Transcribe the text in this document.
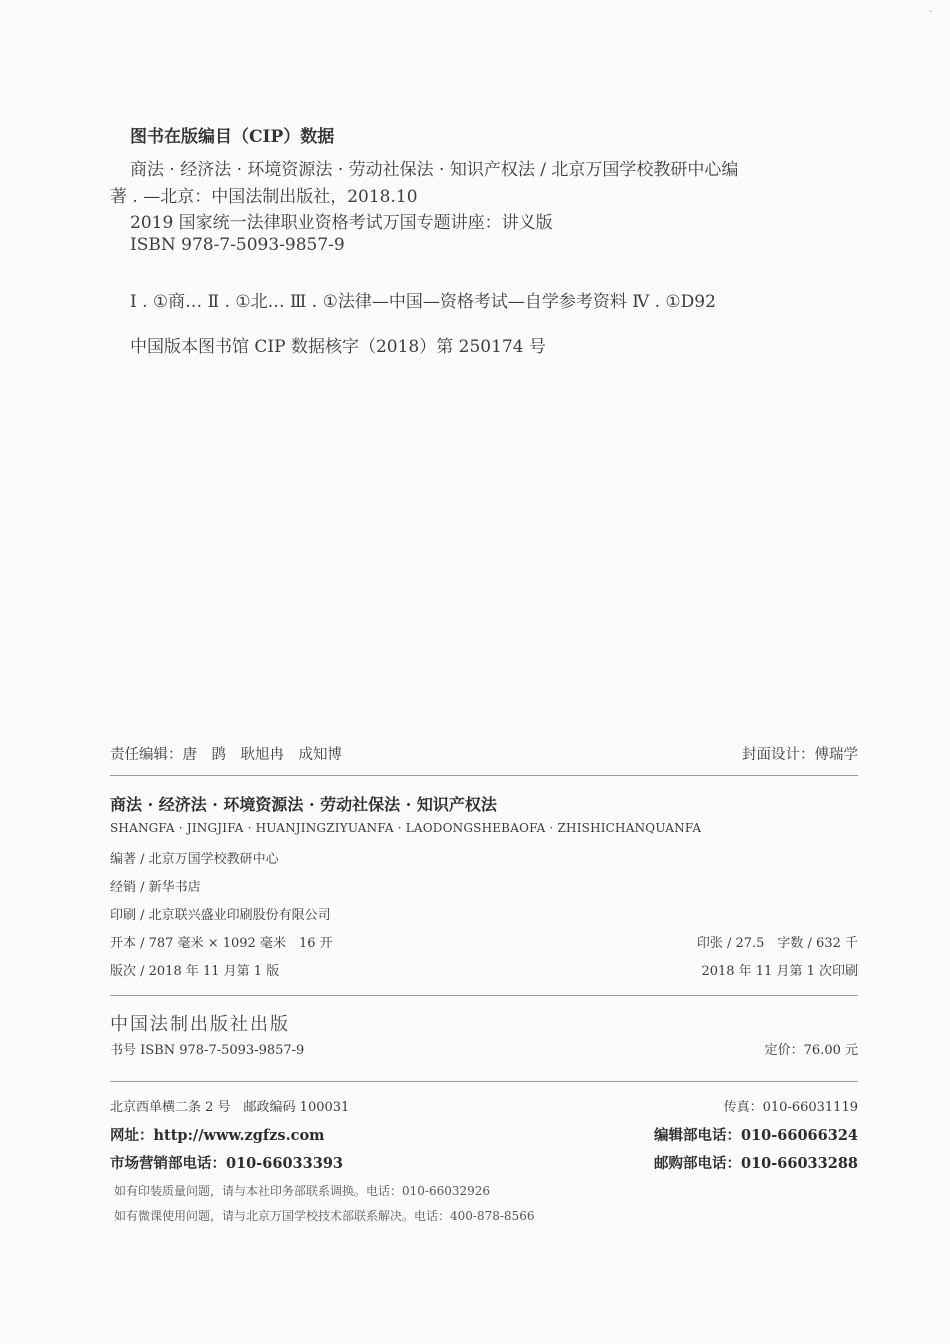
-
图书在版编目（CIP）数据
商法 · 经济法 · 环境资源法 · 劳动社保法 · 知识产权法 / 北京万国学校教研中心编
著 . —北京：中国法制出版社，2018.10
2019 国家统一法律职业资格考试万国专题讲座：讲义版
ISBN 978-7-5093-9857-9
Ⅰ . ①商… Ⅱ . ①北… Ⅲ . ①法律—中国—资格考试—自学参考资料 Ⅳ . ①D92
中国版本图书馆 CIP 数据核字（2018）第 250174 号
责任编辑：唐　鹍　耿旭冉　成知博	封面设计：傅瑞学
商法 · 经济法 · 环境资源法 · 劳动社保法 · 知识产权法
SHANGFA · JINGJIFA · HUANJINGZIYUANFA · LAODONGSHEBAOFA · ZHISHICHANQUANFA
编著 / 北京万国学校教研中心
经销 / 新华书店
印刷 / 北京联兴盛业印刷股份有限公司
开本 / 787 毫米 × 1092 毫米　16 开	印张 / 27.5　字数 / 632 千
版次 / 2018 年 11 月第 1 版	2018 年 11 月第 1 次印刷
中国法制出版社出版
书号 ISBN 978-7-5093-9857-9	定价：76.00 元
北京西单横二条 2 号　邮政编码 100031	传真：010-66031119
网址：http://www.zgfzs.com	编辑部电话：010-66066324
市场营销部电话：010-66033393	邮购部电话：010-66033288
如有印装质量问题，请与本社印务部联系调换。电话：010-66032926
如有微课使用问题，请与北京万国学校技术部联系解决。电话：400-878-8566
